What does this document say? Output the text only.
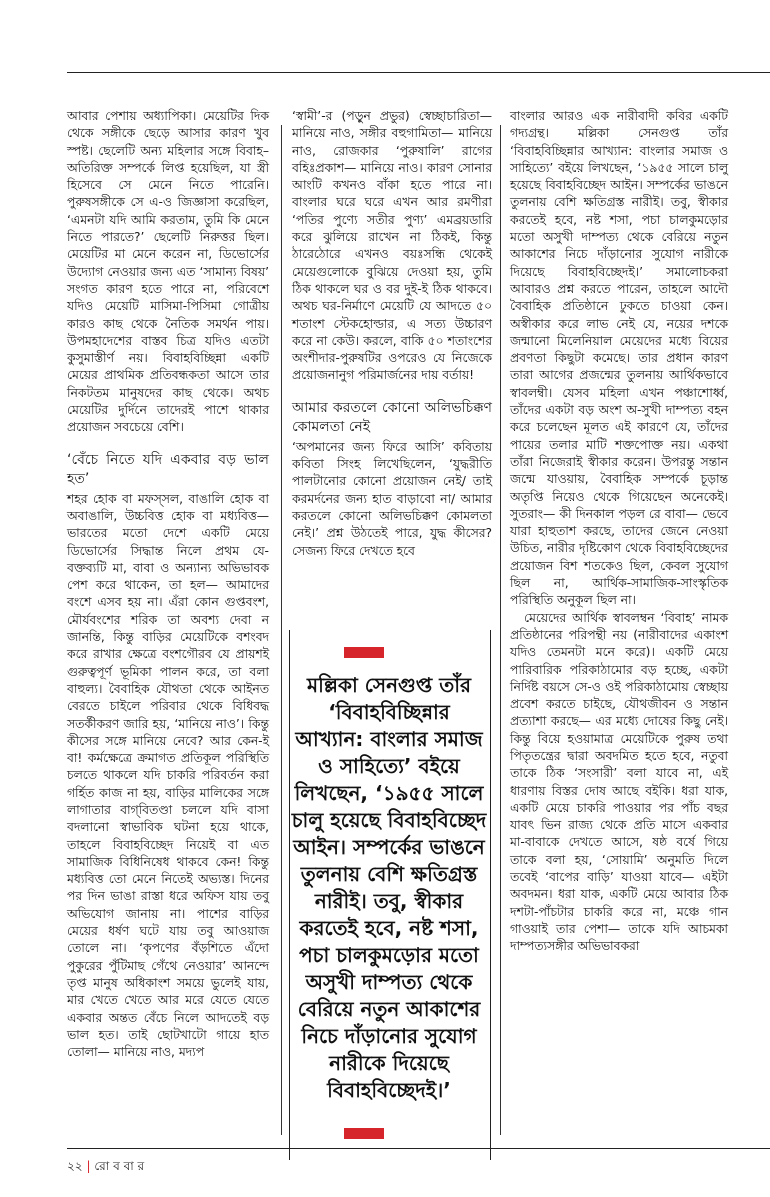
আবার পেশায় অধ্যাপিকা। মেয়েটির দিক থেকে সঙ্গীকে ছেড়ে আসার কারণ খুব স্পষ্ট। ছেলেটি অন্য মহিলার সঙ্গে বিবাহ–অতিরিক্ত সম্পর্কে লিপ্ত হয়েছিল, যা স্ত্রী হিসেবে সে মেনে নিতে পারেনি। পুরুষসঙ্গীকে সে এ-ও জিজ্ঞাসা করেছিল, ‘এমনটা যদি আমি করতাম, তুমি কি মেনে নিতে পারতে?’ ছেলেটি নিরুত্তর ছিল। মেয়েটির মা মেনে করেন না, ডিভোর্সের উদ্যোগ নেওয়ার জন্য এত ‘সামান্য বিষয়’ সংগত কারণ হতে পারে না, পরিবেশে যদিও মেয়েটি মাসিমা-পিসিমা গোত্রীয় কারও কাছ থেকে নৈতিক সমর্থন পায়। উপমহাদেশের বাস্তব চিত্র যদিও এতটা কুসুমাস্তীর্ণ নয়। বিবাহবিচ্ছিন্না একটি মেয়ের প্রাথমিক প্রতিবন্ধকতা আসে তার নিকটতম মানুষদের কাছ থেকে। অথচ মেয়েটির দুর্দিনে তাদেরই পাশে থাকার প্রয়োজন সবচেয়ে বেশি।

‘বেঁচে নিতে যদি একবার বড় ভাল হত’

শহর হোক বা মফস্সল, বাঙালি হোক বা অবাঙালি, উচ্চবিত্ত হোক বা মধ্যবিত্ত— ভারতের মতো দেশে একটি মেয়ে ডিভোর্সের সিদ্ধান্ত নিলে প্রথম যে-বক্তব্যটি মা, বাবা ও অন্যান্য অভিভাবক পেশ করে থাকেন, তা হল— আমাদের বংশে এসব হয় না। এঁরা কোন গুপ্তবংশ, মৌর্যবংশের শরিক তা অবশ্য দেবা ন জানন্তি, কিন্তু বাড়ির মেয়েটিকে বশংবদ করে রাখার ক্ষেত্রে বংশগৌরব যে প্রায়শই গুরুত্বপূর্ণ ভূমিকা পালন করে, তা বলা বাহুল্য। বৈবাহিক যৌথতা থেকে আইনত বেরতে চাইলে পরিবার থেকে বিধিবদ্ধ সতর্কীকরণ জারি হয়, ‘মানিয়ে নাও’। কিন্তু কীসের সঙ্গে মানিয়ে নেবে? আর কেন-ই বা! কর্মক্ষেত্রে ক্রমাগত প্রতিকূল পরিস্থিতি চলতে থাকলে যদি চাকরি পরিবর্তন করা গর্হিত কাজ না হয়, বাড়ির মালিকের সঙ্গে লাগাতার বাগ্‌বিতণ্ডা চললে যদি বাসা বদলানো স্বাভাবিক ঘটনা হয়ে থাকে, তাহলে বিবাহবিচ্ছেদ নিয়েই বা এত সামাজিক বিধিনিষেধ থাকবে কেন! কিন্তু মধ্যবিত্ত তো মেনে নিতেই অভ্যস্ত। দিনের পর দিন ভাঙা রাস্তা ধরে অফিস যায় তবু অভিযোগ জানায় না। পাশের বাড়ির মেয়ের ধর্ষণ ঘটে যায় তবু আওয়াজ তোলে না। ‘কৃপণের বঁড়শিতে এঁদো পুকুরের পুঁটিমাছ গেঁথে নেওয়ার’ আনন্দে তৃপ্ত মানুষ অধিকাংশ সময়ে ভুলেই যায়, মার খেতে খেতে আর মরে যেতে যেতে একবার অন্তত বেঁচে নিলে আদতেই বড় ভাল হত। তাই ছোটখাটো গায়ে হাত তোলা— মানিয়ে নাও, মদ্যপ

‘স্বামী’-র (পড়ুন প্রভুর) স্বেচ্ছাচারিতা— মানিয়ে নাও, সঙ্গীর বহুগামিতা— মানিয়ে নাও, রোজকার ‘পুরুষালি’ রাগের বহিঃপ্রকাশ— মানিয়ে নাও। কারণ সোনার আংটি কখনও বাঁকা হতে পারে না। বাংলার ঘরে ঘরে এখন আর রমণীরা ‘পতির পুণ্যে সতীর পুণ্য’ এমব্রয়ডারি করে ঝুলিয়ে রাখেন না ঠিকই, কিন্তু ঠারেঠোরে এখনও বয়ঃসন্ধি থেকেই মেয়েগুলোকে বুঝিয়ে দেওয়া হয়, তুমি ঠিক থাকলে ঘর ও বর দুই-ই ঠিক থাকবে। অথচ ঘর-নির্মাণে মেয়েটি যে আদতে ৫০ শতাংশ স্টেকহোল্ডার, এ সত্য উচ্চারণ করে না কেউ। করলে, বাকি ৫০ শতাংশের অংশীদার-পুরুষটির ওপরেও যে নিজেকে প্রয়োজনানুগ পরিমার্জনের দায় বর্তায়!

আমার করতলে কোনো অলিভচিক্কণ কোমলতা নেই

‘অপমানের জন্য ফিরে আসি’ কবিতায় কবিতা সিংহ লিখেছিলেন, ‘যুদ্ধরীতি পালটানোর কোনো প্রয়োজন নেই/ তাই করমর্দনের জন্য হাত বাড়াবো না/ আমার করতলে কোনো অলিভচিক্কণ কোমলতা নেই।’ প্রশ্ন উঠতেই পারে, যুদ্ধ কীসের? সেজন্য ফিরে দেখতে হবে

বাংলার আরও এক নারীবাদী কবির একটি গদ্যগ্রন্থ। মল্লিকা সেনগুপ্ত তাঁর ‘বিবাহবিচ্ছিন্নার আখ্যান: বাংলার সমাজ ও সাহিত্যে’ বইয়ে লিখছেন, ‘১৯৫৫ সালে চালু হয়েছে বিবাহবিচ্ছেদ আইন। সম্পর্কের ভাঙনে তুলনায় বেশি ক্ষতিগ্রস্ত নারীই। তবু, স্বীকার করতেই হবে, নষ্ট শসা, পচা চালকুমড়োর মতো অসুখী দাম্পত্য থেকে বেরিয়ে নতুন আকাশের নিচে দাঁড়ানোর সুযোগ নারীকে দিয়েছে বিবাহবিচ্ছেদই।’ সমালোচকরা আবারও প্রশ্ন করতে পারেন, তাহলে আদৌ বৈবাহিক প্রতিষ্ঠানে ঢুকতে চাওয়া কেন। অস্বীকার করে লাভ নেই যে, নয়ের দশকে জন্মানো মিলেনিয়াল মেয়েদের মধ্যে বিয়ের প্রবণতা কিছুটা কমেছে। তার প্রধান কারণ তারা আগের প্রজন্মের তুলনায় আর্থিকভাবে স্বাবলম্বী। যেসব মহিলা এখন পঞ্চাশোর্ধ্ব, তাঁদের একটা বড় অংশ অ-সুখী দাম্পত্য বহন করে চলেছেন মূলত এই কারণে যে, তাঁদের পায়ের তলার মাটি শক্তপোক্ত নয়। একথা তাঁরা নিজেরাই স্বীকার করেন। উপরন্তু সন্তান জন্মে যাওয়ায়, বৈবাহিক সম্পর্কে চূড়ান্ত অতৃপ্তি নিয়েও থেকে গিয়েছেন অনেকেই। সুতরাং— কী দিনকাল পড়ল রে বাবা— ভেবে যারা হাহুতাশ করছে, তাদের জেনে নেওয়া উচিত, নারীর দৃষ্টিকোণ থেকে বিবাহবিচ্ছেদের প্রয়োজন বিশ শতকেও ছিল, কেবল সুযোগ ছিল না, আর্থিক-সামাজিক-সাংস্কৃতিক পরিস্থিতি অনুকূল ছিল না।

মেয়েদের আর্থিক স্বাবলম্বন ‘বিবাহ’ নামক প্রতিষ্ঠানের পরিপন্থী নয় (নারীবাদের একাংশ যদিও তেমনটা মনে করে)। একটি মেয়ে পারিবারিক পরিকাঠামোর বড় হচ্ছে, একটা নির্দিষ্ট বয়সে সে-ও ওই পরিকাঠামোয় স্বেচ্ছায় প্রবেশ করতে চাইছে, যৌথজীবন ও সন্তান প্রত্যাশা করছে— এর মধ্যে দোষের কিছু নেই। কিন্তু বিয়ে হওয়ামাত্র মেয়েটিকে পুরুষ তথা পিতৃতন্ত্রের দ্বারা অবদমিত হতে হবে, নতুবা তাকে ঠিক ‘সংসারী’ বলা যাবে না, এই ধারণায় বিস্তর দোষ আছে বইকি। ধরা যাক, একটি মেয়ে চাকরি পাওয়ার পর পাঁচ বছর যাবৎ ভিন রাজ্য থেকে প্রতি মাসে একবার মা-বাবাকে দেখতে আসে, ষষ্ঠ বর্ষে গিয়ে তাকে বলা হয়, ‘সোয়ামি’ অনুমতি দিলে তবেই ‘বাপের বাড়ি’ যাওয়া যাবে— এইটা অবদমন। ধরা যাক, একটি মেয়ে আবার ঠিক দশটা-পাঁচটার চাকরি করে না, মঞ্চে গান গাওয়াই তার পেশা— তাকে যদি আচমকা দাম্পত্যসঙ্গীর অভিভাবকরা

মল্লিকা সেনগুপ্ত তাঁর ‘বিবাহবিচ্ছিন্নার আখ্যান: বাংলার সমাজ ও সাহিত্যে’ বইয়ে লিখছেন, ‘১৯৫৫ সালে চালু হয়েছে বিবাহবিচ্ছেদ আইন। সম্পর্কের ভাঙনে তুলনায় বেশি ক্ষতিগ্রস্ত নারীই। তবু, স্বীকার করতেই হবে, নষ্ট শসা, পচা চালকুমড়োর মতো অসুখী দাম্পত্য থেকে বেরিয়ে নতুন আকাশের নিচে দাঁড়ানোর সুযোগ নারীকে দিয়েছে বিবাহবিচ্ছেদই।’
২২ | রো ব বা র
